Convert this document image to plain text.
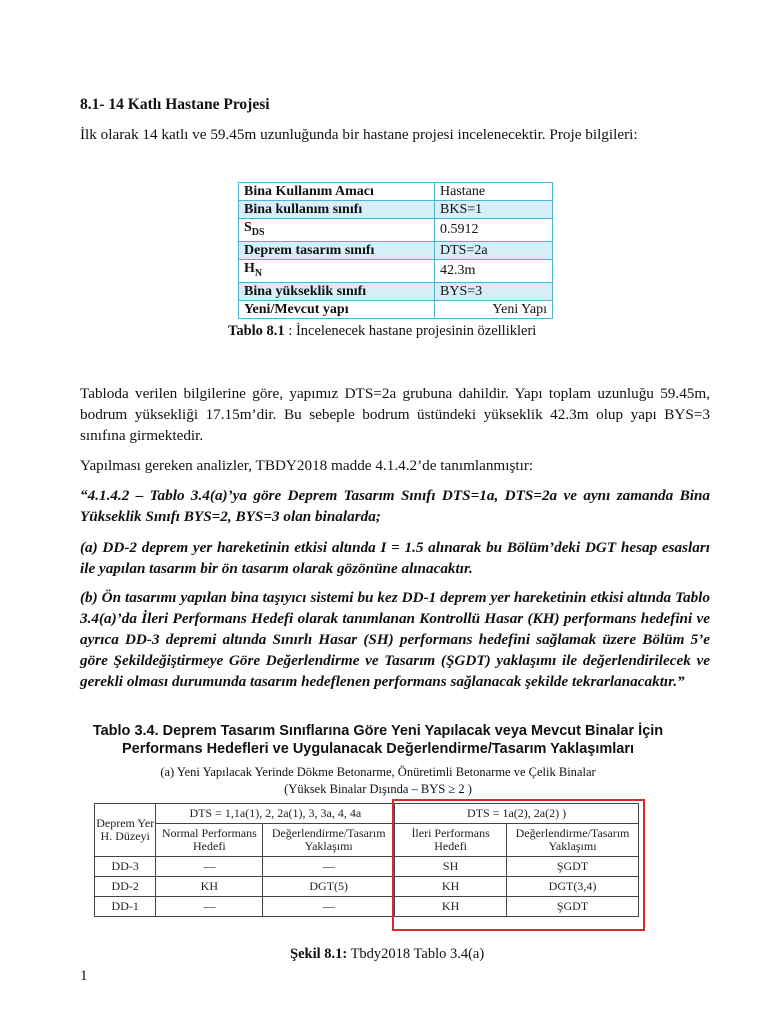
8.1- 14 Katlı Hastane Projesi
İlk olarak 14 katlı ve 59.45m uzunluğunda bir hastane projesi incelenecektir. Proje bilgileri:
Bina Kullanım Amacı	Hastane
Bina kullanım sınıfı	BKS=1
$S_{DS}$	0.5912
Deprem tasarım sınıfı	DTS=2a
$H_N$	42.3m
Bina yükseklik sınıfı	BYS=3
Yeni/Mevcut yapı	Yeni Yapı
Tablo 8.1 : İncelenecek hastane projesinin özellikleri
Tabloda verilen bilgilerine göre, yapımız DTS=2a grubuna dahildir. Yapı toplam uzunluğu 59.45m, bodrum yüksekliği 17.15m’dir. Bu sebeple bodrum üstündeki yükseklik 42.3m olup yapı BYS=3 sınıfına girmektedir.
Yapılması gereken analizler, TBDY2018 madde 4.1.4.2’de tanımlanmıştır:
“4.1.4.2 – Tablo 3.4(a)’ya göre Deprem Tasarım Sınıfı DTS=1a, DTS=2a ve aynı zamanda Bina Yükseklik Sınıfı BYS=2, BYS=3 olan binalarda;
(a) DD-2 deprem yer hareketinin etkisi altında I = 1.5 alınarak bu Bölüm’deki DGT hesap esasları ile yapılan tasarım bir ön tasarım olarak gözönüne alınacaktır.
(b) Ön tasarımı yapılan bina taşıyıcı sistemi bu kez DD-1 deprem yer hareketinin etkisi altında Tablo 3.4(a)’da İleri Performans Hedefi olarak tanımlanan Kontrollü Hasar (KH) performans hedefini ve ayrıca DD-3 depremi altında Sınırlı Hasar (SH) performans hedefini sağlamak üzere Bölüm 5’e göre Şekildeğiştirmeye Göre Değerlendirme ve Tasarım (ŞGDT) yaklaşımı ile değerlendirilecek ve gerekli olması durumunda tasarım hedeflenen performans sağlanacak şekilde tekrarlanacaktır.”
Tablo 3.4. Deprem Tasarım Sınıflarına Göre Yeni Yapılacak veya Mevcut Binalar İçin
Performans Hedefleri ve Uygulanacak Değerlendirme/Tasarım Yaklaşımları
(a) Yeni Yapılacak Yerinde Dökme Betonarme, Önüretimli Betonarme ve Çelik Binalar
(Yüksek Binalar Dışında – BYS ≥ 2 )
Deprem Yer H. Düzeyi	DTS = 1,1a(1), 2, 2a(1), 3, 3a, 4, 4a		DTS = 1a(2), 2a(2) )	
	Normal Performans Hedefi	Değerlendirme/Tasarım Yaklaşımı	İleri Performans Hedefi	Değerlendirme/Tasarım Yaklaşımı
DD-3	—	—	SH	ŞGDT
DD-2	KH	DGT(5)	KH	DGT(3,4)
DD-1	—	—	KH	ŞGDT
Şekil 8.1: Tbdy2018 Tablo 3.4(a)
1
